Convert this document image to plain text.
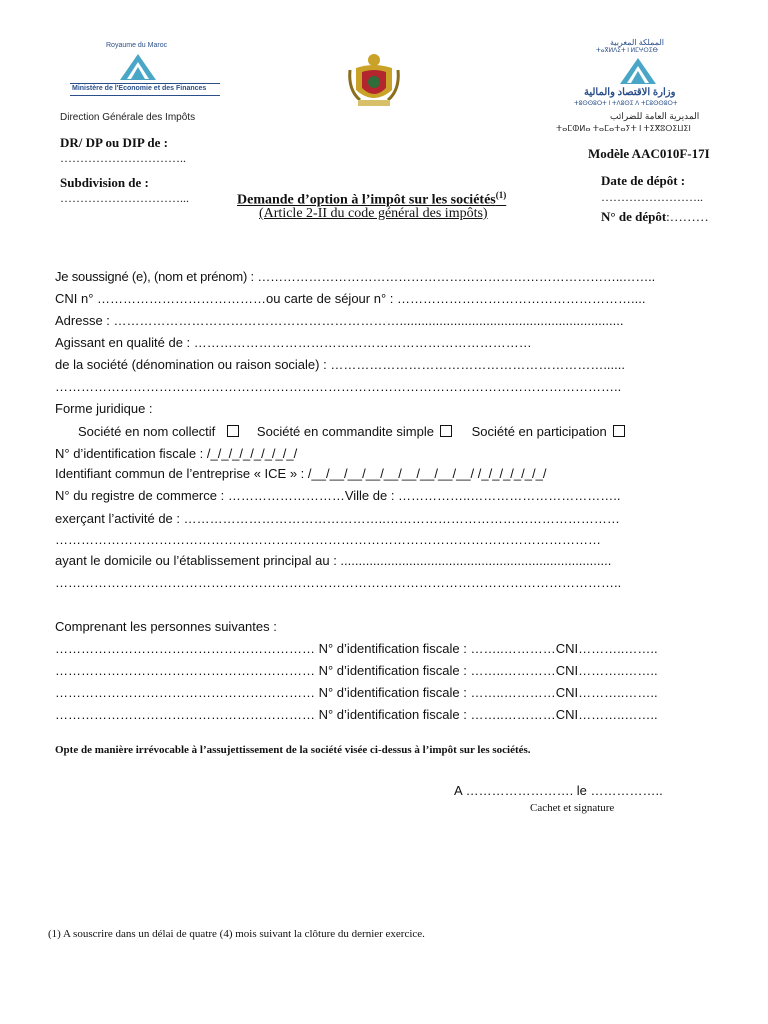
Royaume du Maroc
Ministère de l'Economie et des Finances
Direction Générale des Impôts
المملكة المغربية
ⵜⴰⴳⵍⴷⵉⵜ ⵏ ⵍⵎⵖⵔⵉⴱ
وزارة الاقتصاد والمالية
ⵜⵓⵙⵙⵓⵔⵜ ⵏ ⵜⴷⵓⵙⵉ ⴷ ⵜⵎⵓⵙⵙⵓⵔⵜ
المديرية العامة للضرائب
ⵜⴰⵎⵀⵍⴰ ⵜⴰⵎⴰⵜⴰⵢⵜ ⵏ ⵜⵉⴳⵓⵔⵉⵡⵉⵏ
DR/ DP ou DIP de :
…………………………..
Subdivision de :
…………………………...
Modèle AAC010F-17I
Date de dépôt :
……………………..
N° de dépôt:………
Demande d’option à l’impôt sur les sociétés$^{(1)}$
(Article 2-II du code général des impôts)
Je soussigné (e), (nom et prénom) : …………………………………………………………………………..……..
CNI n° …………………………………ou carte de séjour n° : ………………………………………………....
Adresse : …………………………………………………………..............................................................
Agissant en qualité de : ……………………………………………………………………
de la société (dénomination ou raison sociale) : ………………………………………………………......
…………………………………………………………………………………………………………………..
Forme juridique :
Société en nom collectif	Société en commandite simple	Société en participation
N° d’identification fiscale : /_/_/_/_/_/_/_/_/
Identifiant commun de l’entreprise « ICE » : /__/__/__/__/__/__/__/__/__/ /_/_/_/_/_/_/
N° du registre de commerce : ………………………Ville de : ……………..……………………………..
exerçant l’activité de : ………………………………………..………………………………………………
………………………………………………………………………………………………………………
ayant le domicile ou l’établissement principal au : ...........................................................................
…………………………………………………………………………………………………………………..
Comprenant les personnes suivantes :
…………………………………………………… N° d’identification fiscale : ……..…………CNI………..……..
…………………………………………………… N° d’identification fiscale : ……..…………CNI………..……..
…………………………………………………… N° d’identification fiscale : ……..…………CNI………..……..
…………………………………………………… N° d’identification fiscale : ……..…………CNI………..……..
Opte de manière irrévocable à l’assujettissement de la société visée ci-dessus à l’impôt sur les sociétés.
A ……………………. le ……………..
Cachet et signature
(1) A souscrire dans un délai de quatre (4) mois suivant la clôture du dernier exercice.
